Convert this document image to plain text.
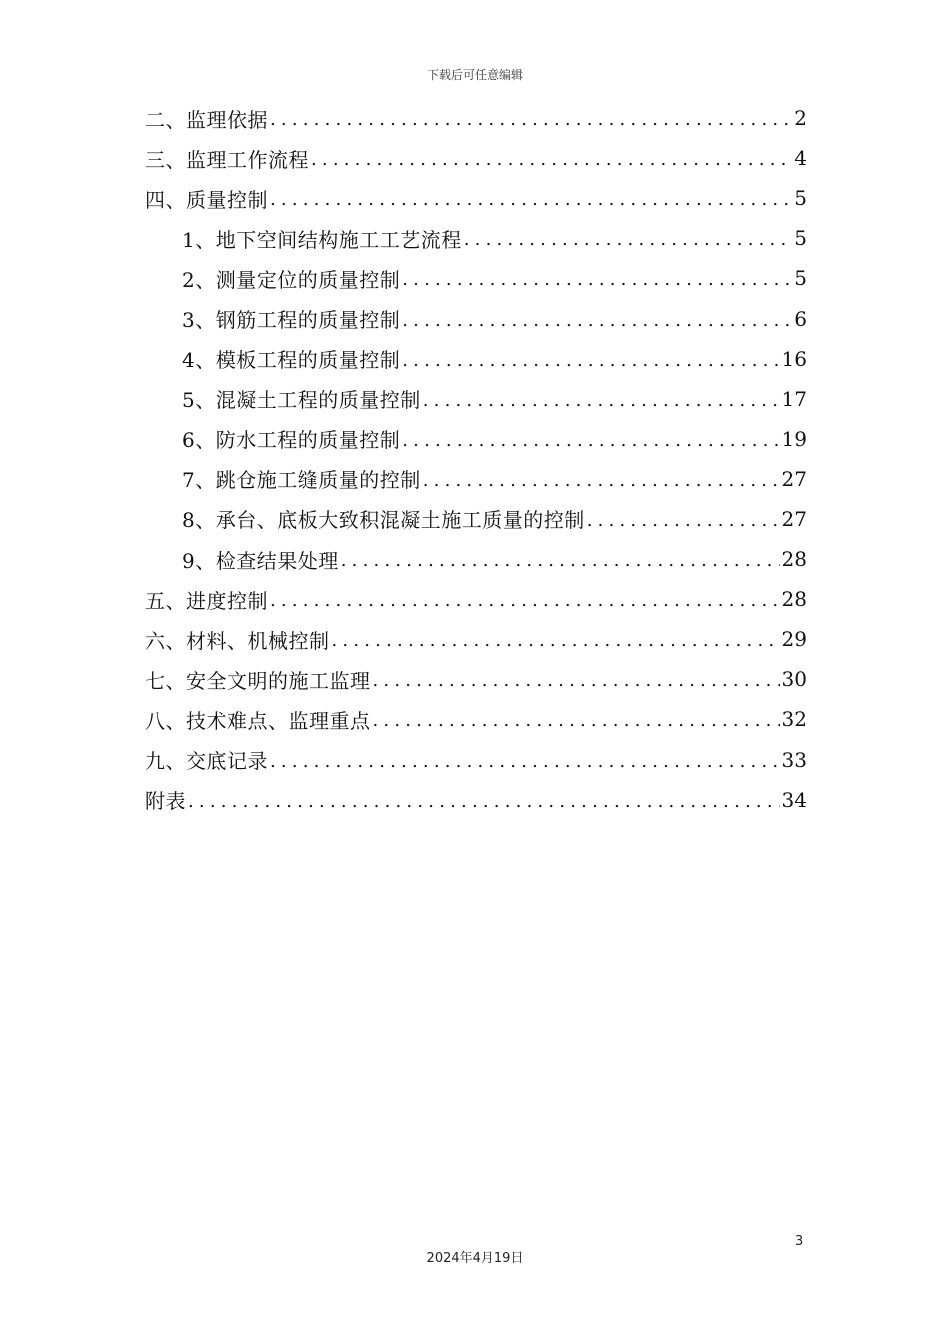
下载后可任意编辑
二、监理依据 .....	2
三、监理工作流程 .....	4
四、质量控制 .....	5
1、地下空间结构施工工艺流程 .....	5
2、测量定位的质量控制 .....	5
3、钢筋工程的质量控制 .....	6
4、模板工程的质量控制 .....	16
5、混凝土工程的质量控制 .....	17
6、防水工程的质量控制 .....	19
7、跳仓施工缝质量的控制 .....	27
8、承台、底板大致积混凝土施工质量的控制 .....	27
9、检查结果处理 .....	28
五、进度控制 .....	28
六、材料、机械控制 .....	29
七、安全文明的施工监理 .....	30
八、技术难点、监理重点 .....	32
九、交底记录 .....	33
附表 .....	34
3
2024年4月19日
